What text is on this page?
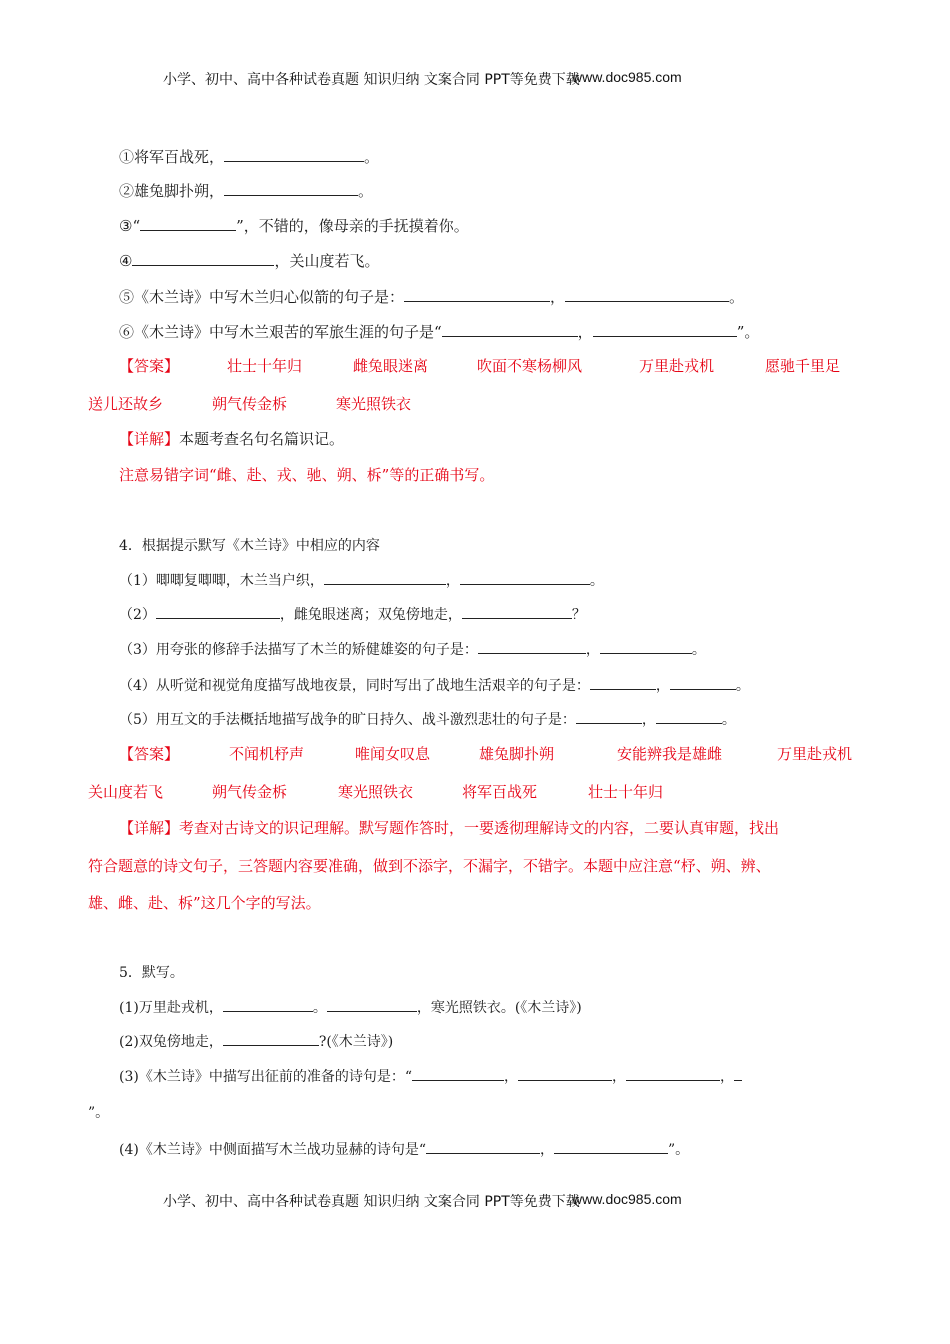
小学、初中、高中各种试卷真题 知识归纳 文案合同 PPT等免费下载
www.doc985.com
①将军百战死，	。
②雄兔脚扑朔，	。
③“	”，不错的，像母亲的手抚摸着你。
④	，关山度若飞。
⑤《木兰诗》中写木兰归心似箭的句子是：	，	。
⑥《木兰诗》中写木兰艰苦的军旅生涯的句子是“	，	”。
【答案】	壮士十年归	雌兔眼迷离	吹面不寒杨柳风	万里赴戎机	愿驰千里足
送儿还故乡	朔气传金柝	寒光照铁衣
【详解】本题考查名句名篇识记。
注意易错字词“雌、赴、戎、驰、朔、柝”等的正确书写。
4．根据提示默写《木兰诗》中相应的内容
（1）唧唧复唧唧，木兰当户织，	，	。
（2）	，雌兔眼迷离；双兔傍地走，	？
（3）用夸张的修辞手法描写了木兰的矫健雄姿的句子是：	，	。
（4）从听觉和视觉角度描写战地夜景，同时写出了战地生活艰辛的句子是：	，	。
（5）用互文的手法概括地描写战争的旷日持久、战斗激烈悲壮的句子是：	，	。
【答案】	不闻机杼声	唯闻女叹息	雄兔脚扑朔	安能辨我是雄雌	万里赴戎机
关山度若飞	朔气传金柝	寒光照铁衣	将军百战死	壮士十年归
【详解】考查对古诗文的识记理解。默写题作答时，一要透彻理解诗文的内容，二要认真审题，找出
符合题意的诗文句子，三答题内容要准确，做到不添字，不漏字，不错字。本题中应注意“杼、朔、辨、
雄、雌、赴、柝”这几个字的写法。
5．默写。
(1)万里赴戎机，	。	，寒光照铁衣。(《木兰诗》)
(2)双兔傍地走，	?(《木兰诗》)
(3)《木兰诗》中描写出征前的准备的诗句是：“	，	，	，
”。
(4)《木兰诗》中侧面描写木兰战功显赫的诗句是“	，	”。
小学、初中、高中各种试卷真题 知识归纳 文案合同 PPT等免费下载
www.doc985.com
